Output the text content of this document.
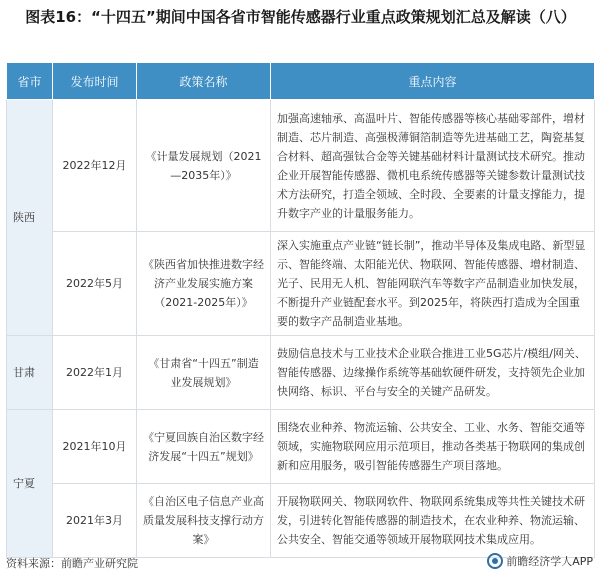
图表16：“十四五”期间中国各省市智能传感器行业重点政策规划汇总及解读（八）
省市	发布时间	政策名称	重点内容
陕西	2022年12月	《计量发展规划（2021—2035年）》	加强高速轴承、高温叶片、智能传感器等核心基础零部件，增材制造、芯片制造、高强极薄铜箔制造等先进基础工艺，陶瓷基复合材料、超高强钛合金等关键基础材料计量测试技术研究。推动企业开展智能传感器、微机电系统传感器等关键参数计量测试技术方法研究，打造全领域、全时段、全要素的计量支撑能力，提升数字产业的计量服务能力。
	2022年5月	《陕西省加快推进数字经济产业发展实施方案（2021-2025年）》	深入实施重点产业链“链长制”，推动半导体及集成电路、新型显示、智能终端、太阳能光伏、物联网、智能传感器、增材制造、光子、民用无人机、智能网联汽车等数字产品制造业加快发展，不断提升产业链配套水平。到2025年，将陕西打造成为全国重要的数字产品制造业基地。
甘肃	2022年1月	《甘肃省“十四五”制造业发展规划》	鼓励信息技术与工业技术企业联合推进工业5G芯片/模组/网关、智能传感器、边缘操作系统等基础软硬件研发，支持领先企业加快网络、标识、平台与安全的关键产品研发。
宁夏	2021年10月	《宁夏回族自治区数字经济发展“十四五”规划》	围绕农业种养、物流运输、公共安全、工业、水务、智能交通等领域，实施物联网应用示范项目，推动各类基于物联网的集成创新和应用服务，吸引智能传感器生产项目落地。
	2021年3月	《自治区电子信息产业高质量发展科技支撑行动方案》	开展物联网关、物联网软件、物联网系统集成等共性关键技术研发，引进转化智能传感器的制造技术，在农业种养、物流运输、公共安全、智能交通等领域开展物联网技术集成应用。
资料来源：前瞻产业研究院	前瞻经济学人APP
